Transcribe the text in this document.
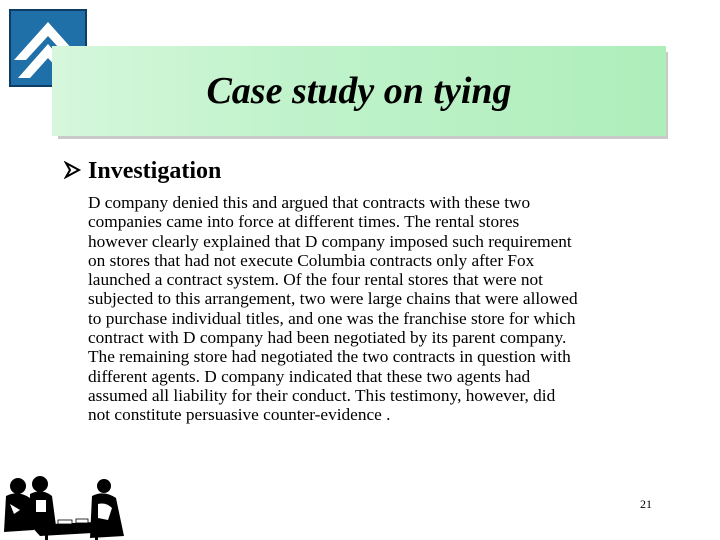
Case study on tying
Investigation
D company denied this and argued that contracts with these two
companies came into force at different times. The rental stores
however clearly explained that D company imposed such requirement
on stores that had not execute Columbia contracts only after Fox
launched a contract system. Of the four rental stores that were not
subjected to this arrangement, two were large chains that were allowed
to purchase individual titles, and one was the franchise store for which
contract with D company had been negotiated by its parent company.
The remaining store had negotiated the two contracts in question with
different agents. D company indicated that these two agents had
assumed all liability for their conduct. This testimony, however, did
not constitute persuasive counter-evidence .
21
